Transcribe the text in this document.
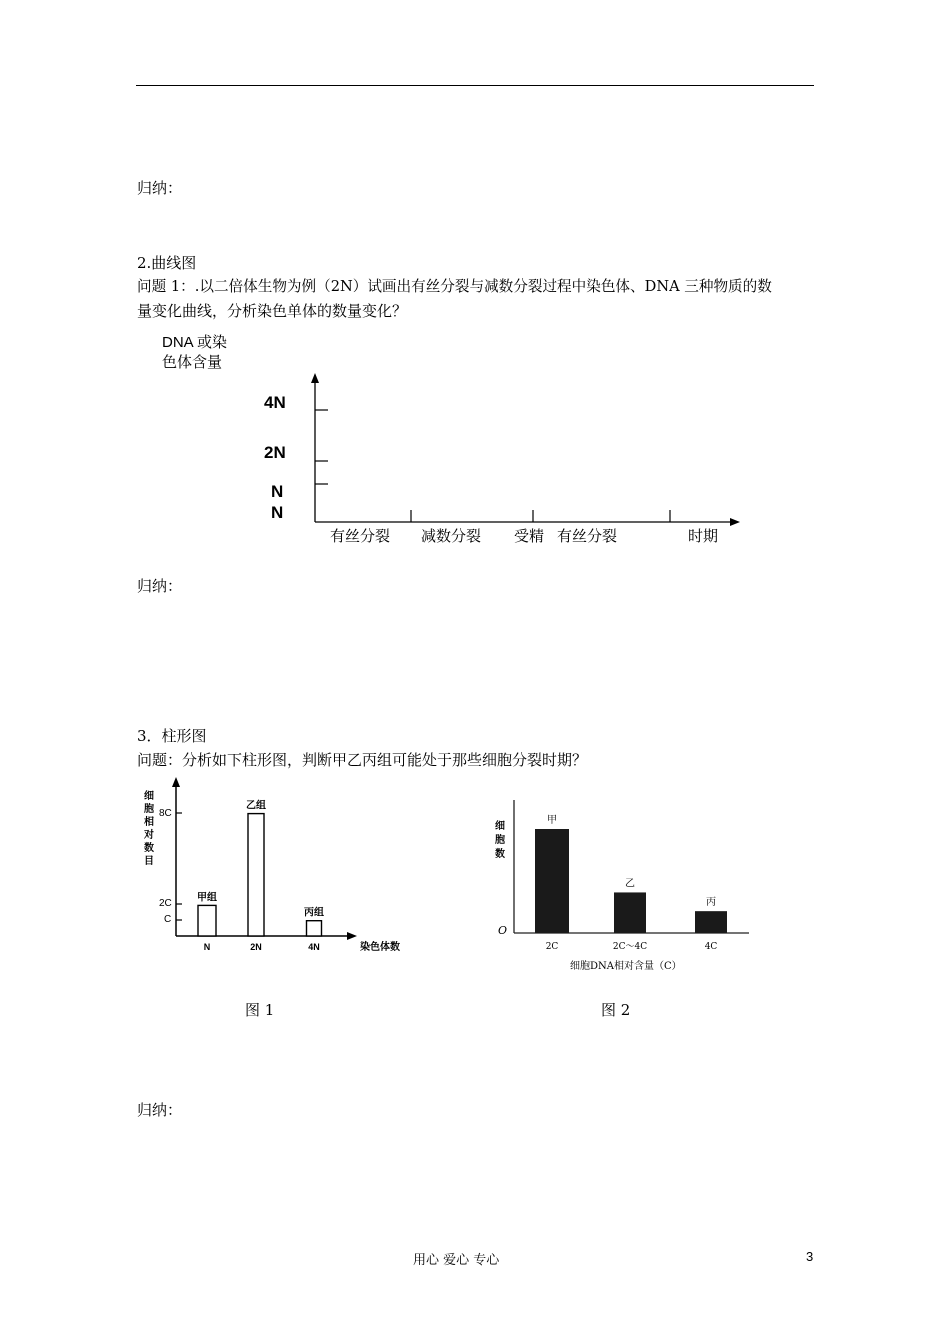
归纳：
2.曲线图
问题 1：.以二倍体生物为例（2N）试画出有丝分裂与减数分裂过程中染色体、DNA 三种物质的数
量变化曲线，分析染色单体的数量变化？
DNA 或染
色体含量
4N
2N
N
N
有丝分裂 减数分裂 受精 有丝分裂	时期
归纳：
3．柱形图
问题：分析如下柱形图，判断甲乙丙组可能处于那些细胞分裂时期？
甲组
N
乙组
2N
丙组
4N
细
胞
相
对
数
目
8C
2C
C
染色体数
图 1
甲
2C
乙
2C～4C
丙
4C
细
胞
数
O
细胞DNA相对含量（C）
图 2
归纳：
用心 爱心 专心	3
